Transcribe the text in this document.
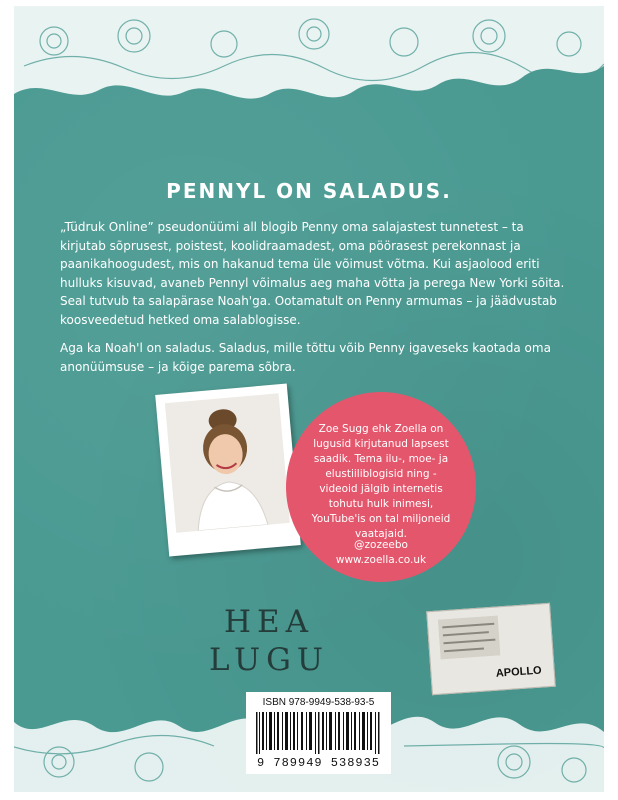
PENNYL ON SALADUS.

„Tüdruk Online” pseudonüümi all blogib Penny oma salajastest tunnetest – ta kirjutab sõprusest, poistest, koolidraamadest, oma pöörasest perekonnast ja paanikahoogudest, mis on hakanud tema üle võimust võtma. Kui asjaolood eriti hulluks kisuvad, avaneb Pennyl võimalus aeg maha võtta ja perega New Yorki sõita. Seal tutvub ta salapärase Noah'ga. Ootamatult on Penny armumas – ja jäädvustab koosveedetud hetked oma salablogisse.

Aga ka Noah'l on saladus. Saladus, mille tõttu võib Penny igaveseks kaotada oma anonüümsuse – ja kõige parema sõbra.

Zoe Sugg ehk Zoella on lugusid kirjutanud lapsest saadik. Tema ilu-, moe- ja elustiiliblogisid ning -videoid jälgib internetis tohutu hulk inimesi, YouTube'is on tal miljoneid vaatajaid.
@zozeebo
www.zoella.co.uk
HEA
LUGU	APOLLO
ISBN 978-9949-538-93-5
9 789949 538935
